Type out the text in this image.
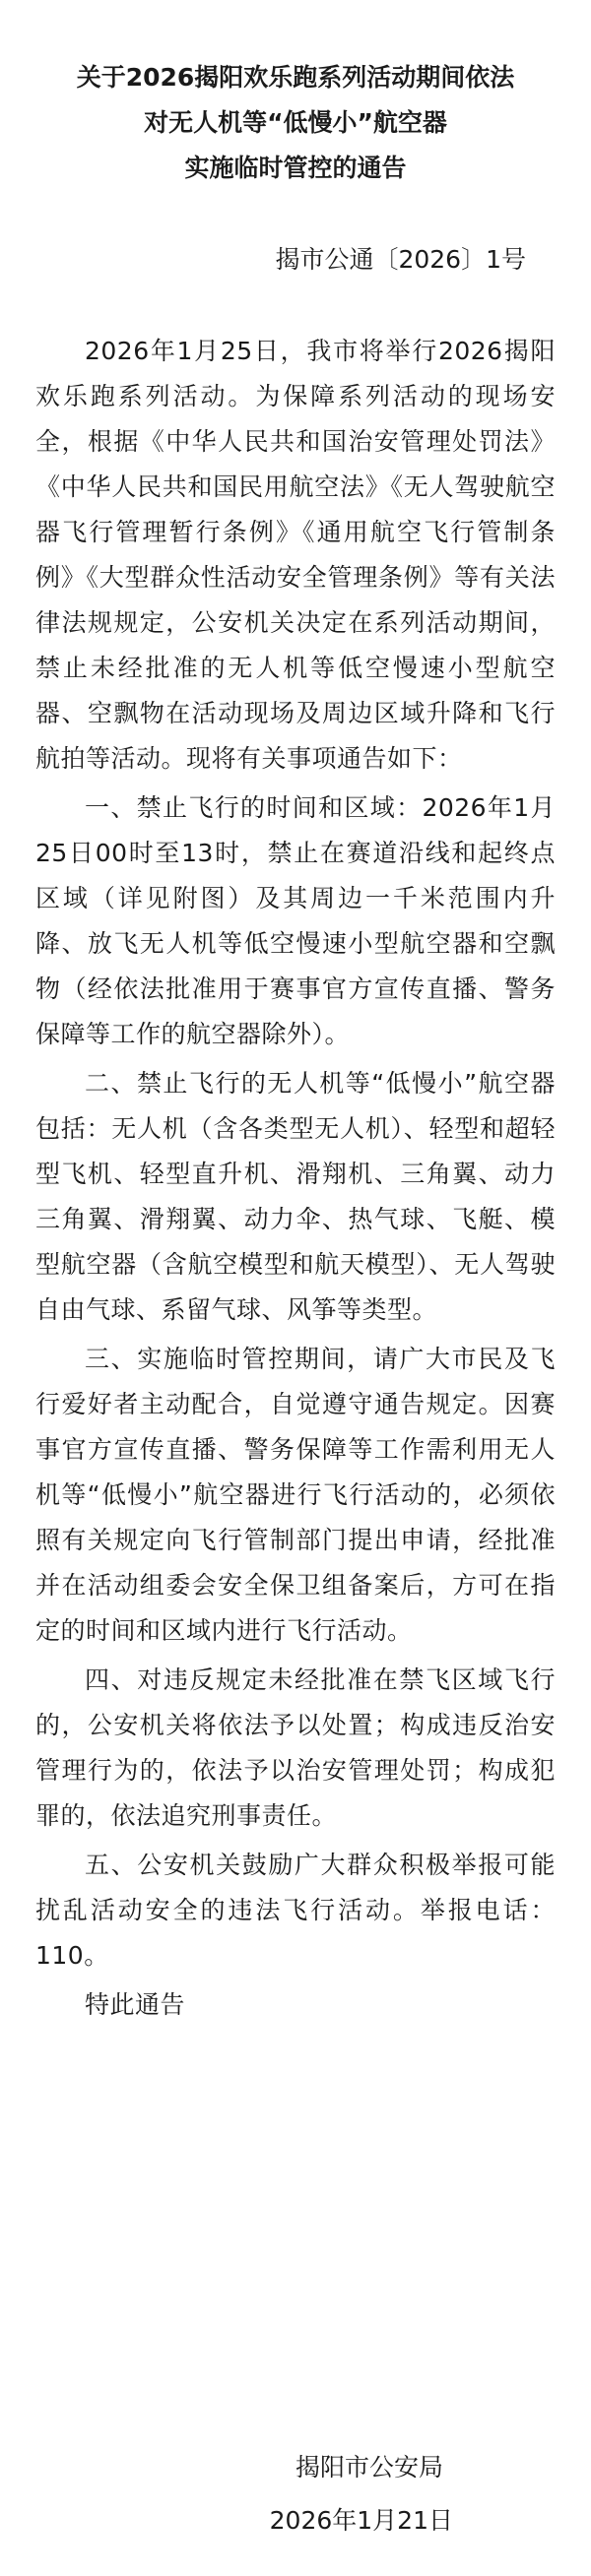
关于2026揭阳欢乐跑系列活动期间依法
对无人机等“低慢小”航空器
实施临时管控的通告
揭市公通〔2026〕1号

2026年1月25日，我市将举行2026揭阳欢乐跑系列活动。为保障系列活动的现场安全，根据《中华人民共和国治安管理处罚法》《中华人民共和国民用航空法》《无人驾驶航空器飞行管理暂行条例》《通用航空飞行管制条例》《大型群众性活动安全管理条例》等有关法律法规规定，公安机关决定在系列活动期间，禁止未经批准的无人机等低空慢速小型航空器、空飘物在活动现场及周边区域升降和飞行航拍等活动。现将有关事项通告如下：

一、禁止飞行的时间和区域：2026年1月25日00时至13时，禁止在赛道沿线和起终点区域（详见附图）及其周边一千米范围内升降、放飞无人机等低空慢速小型航空器和空飘物（经依法批准用于赛事官方宣传直播、警务保障等工作的航空器除外）。

二、禁止飞行的无人机等“低慢小”航空器包括：无人机（含各类型无人机）、轻型和超轻型飞机、轻型直升机、滑翔机、三角翼、动力三角翼、滑翔翼、动力伞、热气球、飞艇、模型航空器（含航空模型和航天模型）、无人驾驶自由气球、系留气球、风筝等类型。

三、实施临时管控期间，请广大市民及飞行爱好者主动配合，自觉遵守通告规定。因赛事官方宣传直播、警务保障等工作需利用无人机等“低慢小”航空器进行飞行活动的，必须依照有关规定向飞行管制部门提出申请，经批准并在活动组委会安全保卫组备案后，方可在指定的时间和区域内进行飞行活动。

四、对违反规定未经批准在禁飞区域飞行的，公安机关将依法予以处置；构成违反治安管理行为的，依法予以治安管理处罚；构成犯罪的，依法追究刑事责任。

五、公安机关鼓励广大群众积极举报可能扰乱活动安全的违法飞行活动。举报电话：110。

特此通告

揭阳市公安局
2026年1月21日
